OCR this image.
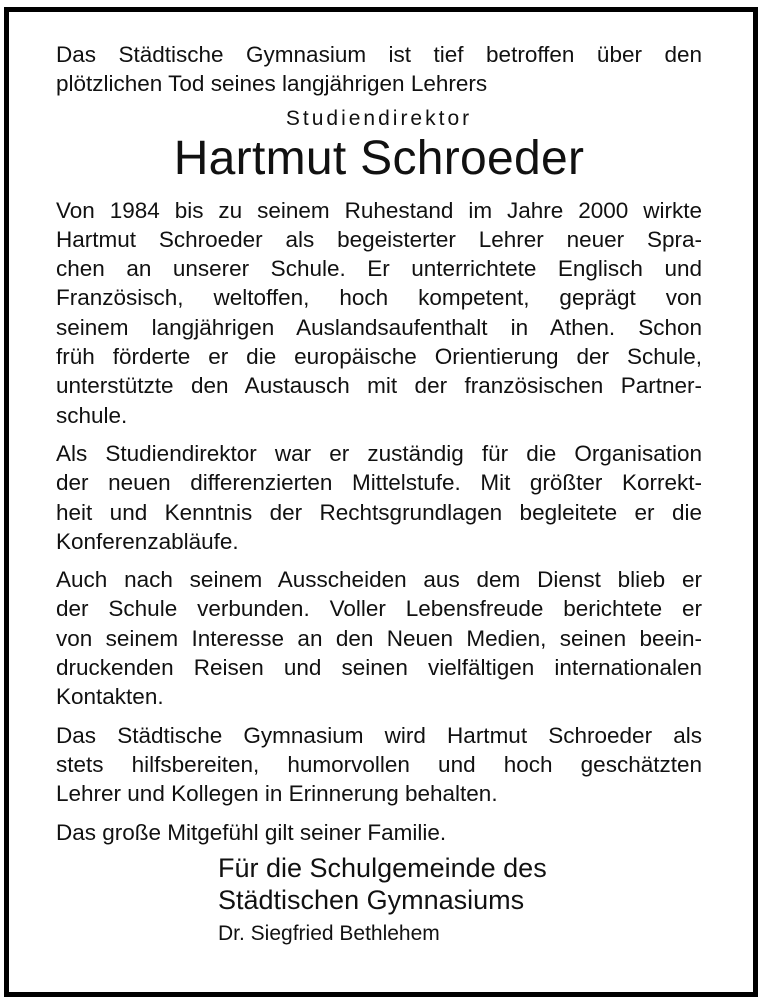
Das Städtische Gymnasium ist tief betroffen über den
plötzlichen Tod seines langjährigen Lehrers
Studiendirektor
Hartmut Schroeder
Von 1984 bis zu seinem Ruhestand im Jahre 2000 wirkte
Hartmut Schroeder als begeisterter Lehrer neuer Spra-
chen an unserer Schule. Er unterrichtete Englisch und
Französisch, weltoffen, hoch kompetent, geprägt von
seinem langjährigen Auslandsaufenthalt in Athen. Schon
früh förderte er die europäische Orientierung der Schule,
unterstützte den Austausch mit der französischen Partner-
schule.
Als Studiendirektor war er zuständig für die Organisation
der neuen differenzierten Mittelstufe. Mit größter Korrekt-
heit und Kenntnis der Rechtsgrundlagen begleitete er die
Konferenzabläufe.
Auch nach seinem Ausscheiden aus dem Dienst blieb er
der Schule verbunden. Voller Lebensfreude berichtete er
von seinem Interesse an den Neuen Medien, seinen beein-
druckenden Reisen und seinen vielfältigen internationalen
Kontakten.
Das Städtische Gymnasium wird Hartmut Schroeder als
stets hilfsbereiten, humorvollen und hoch geschätzten
Lehrer und Kollegen in Erinnerung behalten.
Das große Mitgefühl gilt seiner Familie.
Für die Schulgemeinde des
Städtischen Gymnasiums
Dr. Siegfried Bethlehem
